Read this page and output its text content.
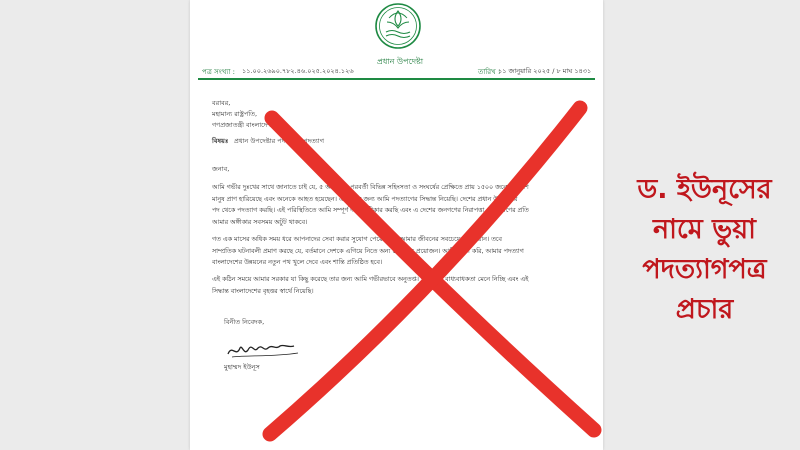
প্রধান উপদেষ্টা
পত্র সংখ্যা : ১১.০০.২৬৯০.৭৮২.৪৬.০২৫.২০২৪.১২৬	তারিখ :
১১ জানুয়ারি ২০২৫ / ৮ মাঘ ১৪৩১
বরাবর,
মহামান্য রাষ্ট্রপতি,
গণপ্রজাতন্ত্রী বাংলাদেশ।
বিষয়ঃ প্রধান উপদেষ্টার পদ থেকে পদত্যাগ
জনাব,
আমি গভীর দুঃখের সাথে জানাতে চাই যে, ৫ আগস্টের পরবর্তী বিভিন্ন সহিংসতা ও সংঘর্ষের প্রেক্ষিতে প্রায় ১৫০০ জনেরও বেশি
মানুষ প্রাণ হারিয়েছে এবং অনেকে আহত হয়েছেন। এড়ানোর জন্য আমি পদত্যাগের সিদ্ধান্ত নিয়েছি। দেশের প্রধান উপদেষ্টার
পদ থেকে পদত্যাগ করছি। এই পরিস্থিতিতে আমি সম্পূর্ণ দায়িত্ব স্বীকার করছি এবং এ দেশের জনগণের নিরাপত্তা ও কল্যাণের প্রতি
আমার অঙ্গীকার সবসময় অটুট থাকবে।
গত এক মাসের অধিক সময় ধরে আপনাদের সেবা করার সুযোগ পেয়েছি, যা আমার জীবনের সবচেয়ে বড় সম্মান। তবে
সাম্প্রতিক ঘটনাবলী প্রমাণ করছে যে, বর্তমানে দেশকে এগিয়ে নিতে অন্য নেতৃত্বের প্রয়োজন। আমি আশা করি, আমার পদত্যাগ
বাংলাদেশের উন্নয়নের নতুন পথ খুলে দেবে এবং শান্তি প্রতিষ্ঠিত হবে।
এই কঠিন সময়ে আমার সরকার যা কিছু করেছে তার জন্য আমি গভীরভাবে অনুতপ্ত। আমি সব বাধ্যবাধকতা মেনে নিচ্ছি এবং এই
সিদ্ধান্ত বাংলাদেশের বৃহত্তর স্বার্থে নিয়েছি।
বিনীত নিবেদক,
মুহাম্মদ ইউনূস
ড. ইউনূসের
নামে ভুয়া
পদত্যাগপত্র
প্রচার
